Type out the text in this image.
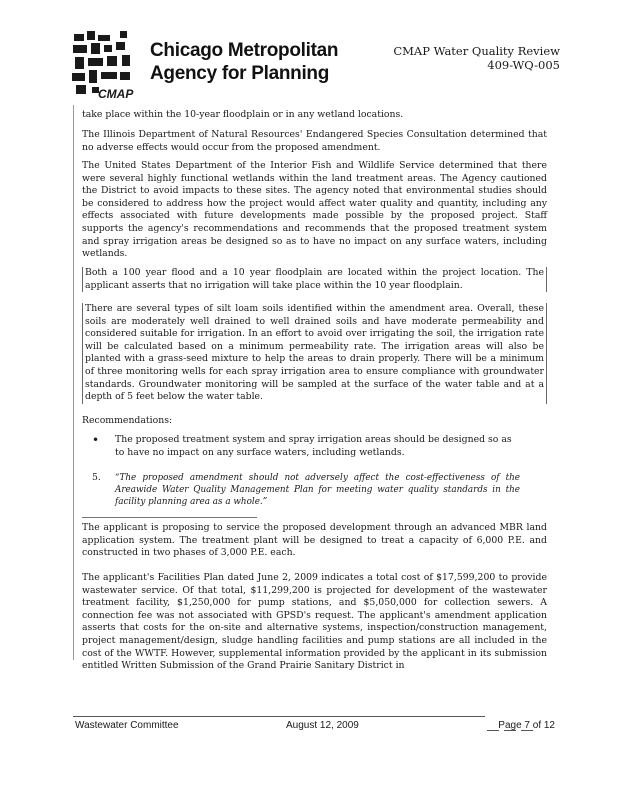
CMAP
Chicago Metropolitan
Agency for Planning
CMAP Water Quality Review
409-WQ-005

take place within the 10-year floodplain or in any wetland locations.

The Illinois Department of Natural Resources' Endangered Species Consultation determined that no adverse effects would occur from the proposed amendment.

The United States Department of the Interior Fish and Wildlife Service determined that there were several highly functional wetlands within the land treatment areas. The Agency cautioned the District to avoid impacts to these sites. The agency noted that environmental studies should be considered to address how the project would affect water quality and quantity, including any effects associated with future developments made possible by the proposed project. Staff supports the agency's recommendations and recommends that the proposed treatment system and spray irrigation areas be designed so as to have no impact on any surface waters, including wetlands.

Both a 100 year flood and a 10 year floodplain are located within the project location. The applicant asserts that no irrigation will take place within the 10 year floodplain.

There are several types of silt loam soils identified within the amendment area. Overall, these soils are moderately well drained to well drained soils and have moderate permeability and considered suitable for irrigation. In an effort to avoid over irrigating the soil, the irrigation rate will be calculated based on a minimum permeability rate. The irrigation areas will also be planted with a grass-seed mixture to help the areas to drain properly. There will be a minimum of three monitoring wells for each spray irrigation area to ensure compliance with groundwater standards. Groundwater monitoring will be sampled at the surface of the water table and at a depth of 5 feet below the water table.

Recommendations:
• The proposed treatment system and spray irrigation areas should be designed so as to have no impact on any surface waters, including wetlands.
5. “The proposed amendment should not adversely affect the cost-effectiveness of the Areawide Water Quality Management Plan for meeting water quality standards in the facility planning area as a whole.”

The applicant is proposing to service the proposed development through an advanced MBR land application system. The treatment plant will be designed to treat a capacity of 6,000 P.E. and constructed in two phases of 3,000 P.E. each.

The applicant's Facilities Plan dated June 2, 2009 indicates a total cost of $17,599,200 to provide wastewater service. Of that total, $11,299,200 is projected for development of the wastewater treatment facility, $1,250,000 for pump stations, and $5,050,000 for collection sewers. A connection fee was not associated with GPSD's request. The applicant's amendment application asserts that costs for the on-site and alternative systems, inspection/construction management, project management/design, sludge handling facilities and pump stations are all included in the cost of the WWTF. However, supplemental information provided by the applicant in its submission entitled Written Submission of the Grand Prairie Sanitary District in

Wastewater Committee	August 12, 2009	Page 7 of 12
